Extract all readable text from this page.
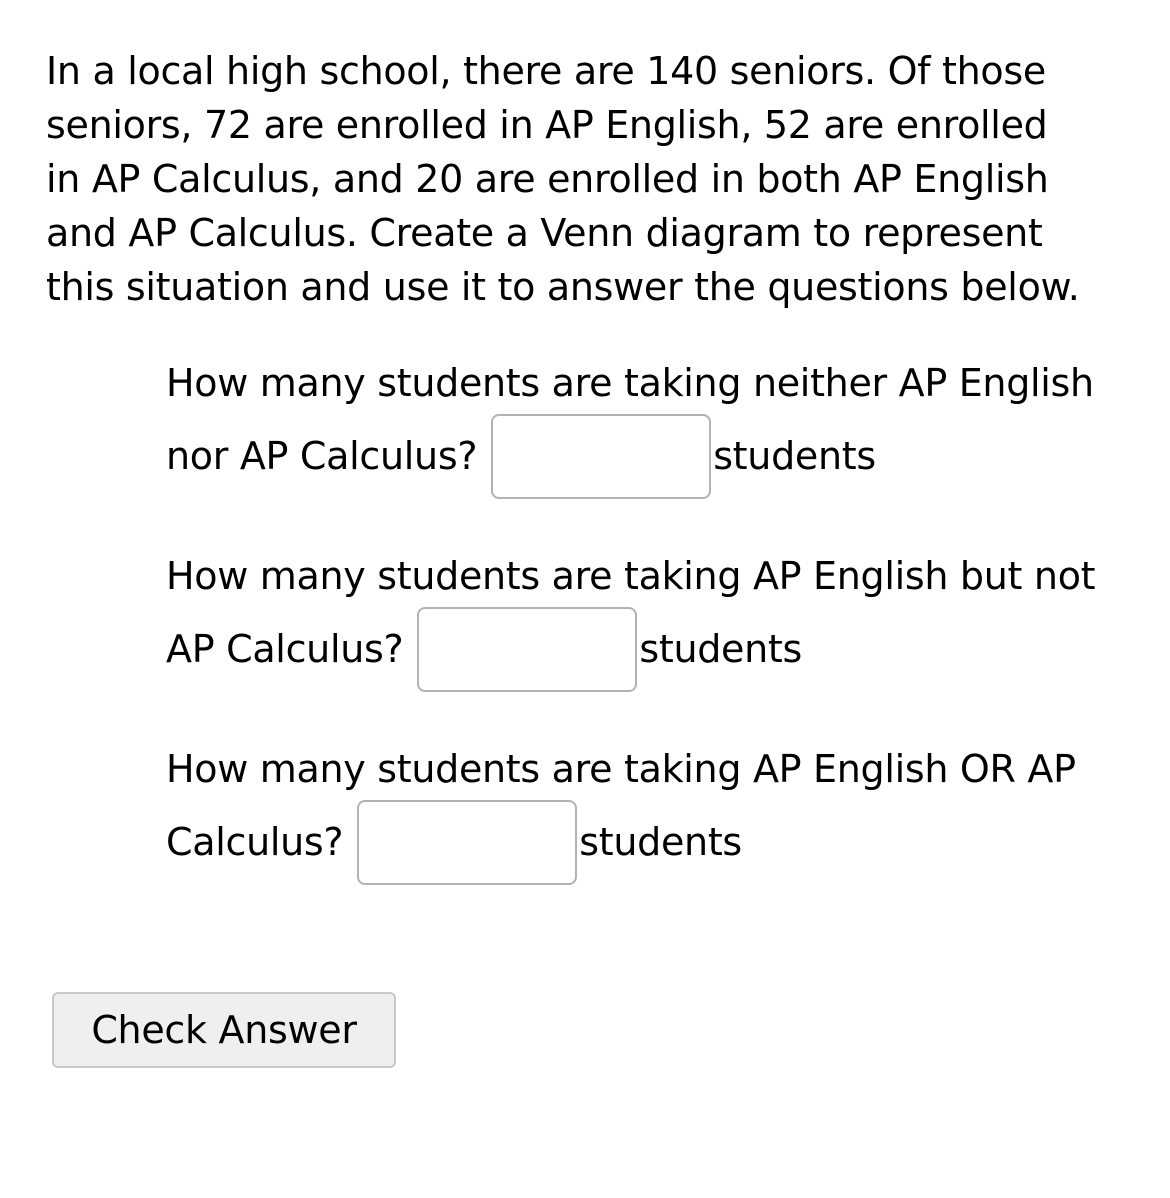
In a local high school, there are 140 seniors. Of those
seniors, 72 are enrolled in AP English, 52 are enrolled
in AP Calculus, and 20 are enrolled in both AP English
and AP Calculus. Create a Venn diagram to represent
this situation and use it to answer the questions below.
How many students are taking neither AP English
nor AP Calculus?	students
How many students are taking AP English but not
AP Calculus?	students
How many students are taking AP English OR AP
Calculus?	students
Check Answer
